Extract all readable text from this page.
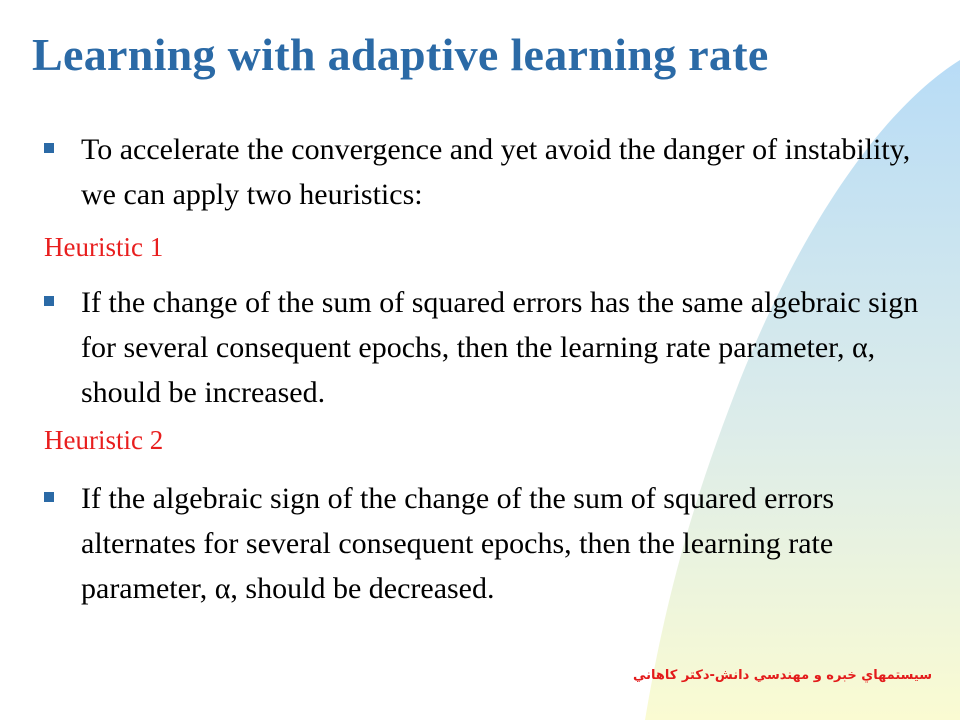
Learning with adaptive learning rate
To accelerate the convergence and yet avoid the danger of instability, we can apply two heuristics:
Heuristic 1
If the change of the sum of squared errors has the same algebraic sign for several consequent epochs, then the learning rate parameter, α, should be increased.
Heuristic 2
If the algebraic sign of the change of the sum of squared errors alternates for several consequent epochs, then the learning rate parameter, α, should be decreased.
سيستمهاي خبره و مهندسي دانش-دكتر كاهاني
